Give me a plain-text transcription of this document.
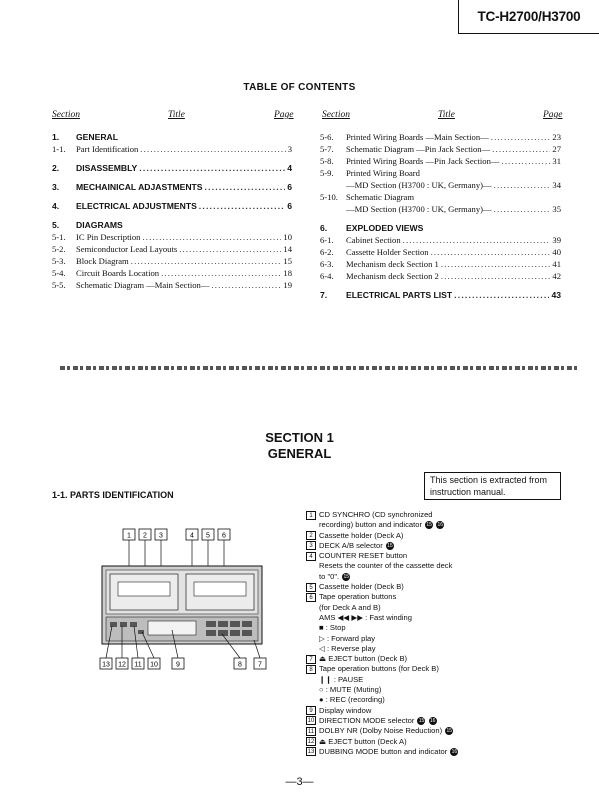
TC-H2700/H3700
TABLE OF CONTENTS
Section	Title	Page	Section	Title	Page
1.	GENERAL
1-1.	Part Identification .....	3
2.	DISASSEMBLY .....	4
3.	MECHAINICAL ADJASTMENTS .....	6
4.	ELECTRICAL ADJUSTMENTS .....	6
5.	DIAGRAMS
5-1.	IC Pin Description .....	10
5-2.	Semiconductor Lead Layouts .....	14
5-3.	Block Diagram .....	15
5-4.	Circuit Boards Location .....	18
5-5.	Schematic Diagram —Main Section— .....	19
5-6.	Printed Wiring Boards —Main Section— .....	23
5-7.	Schematic Diagram —Pin Jack Section— .....	27
5-8.	Printed Wiring Boards —Pin Jack Section— .....	31
5-9.	Printed Wiring Board
—MD Section (H3700 : UK, Germany)— .....	34
5-10. Schematic Diagram
—MD Section (H3700 : UK, Germany)— .....	35
6.	EXPLODED VIEWS
6-1.	Cabinet Section .....	39
6-2.	Cassette Holder Section .....	40
6-3.	Mechanism deck Section 1 .....	41
6-4.	Mechanism deck Section 2 .....	42
7.	ELECTRICAL PARTS LIST .....	43
SECTION 1
GENERAL
This section is extracted from instruction manual.
1-1. PARTS IDENTIFICATION
1 2 3	4 5 6
13 12 11 10	9	8 7
1 CD SYNCHRO (CD synchronized
recording) button and indicator 15 16
2 Cassette holder (Deck A)
3 DECK A/B selector 15
4 COUNTER RESET button
Resets the counter of the cassette deck
to "0". 15
5 Cassette holder (Deck B)
6 Tape operation buttons
(for Deck A and B)
AMS ◀◀ ▶▶ : Fast winding
■ : Stop
▷ : Forward play
◁ : Reverse play
7 ⏏ EJECT button (Deck B)
8 Tape operation buttons (for Deck B)
❙❙ : PAUSE
○ : MUTE (Muting)
● : REC (recording)
9 Display window
10 DIRECTION MODE selector 15 16
11 DOLBY NR (Dolby Noise Reduction) 15
12 ⏏ EJECT button (Deck A)
13 DUBBING MODE button and indicator 16
—3—
